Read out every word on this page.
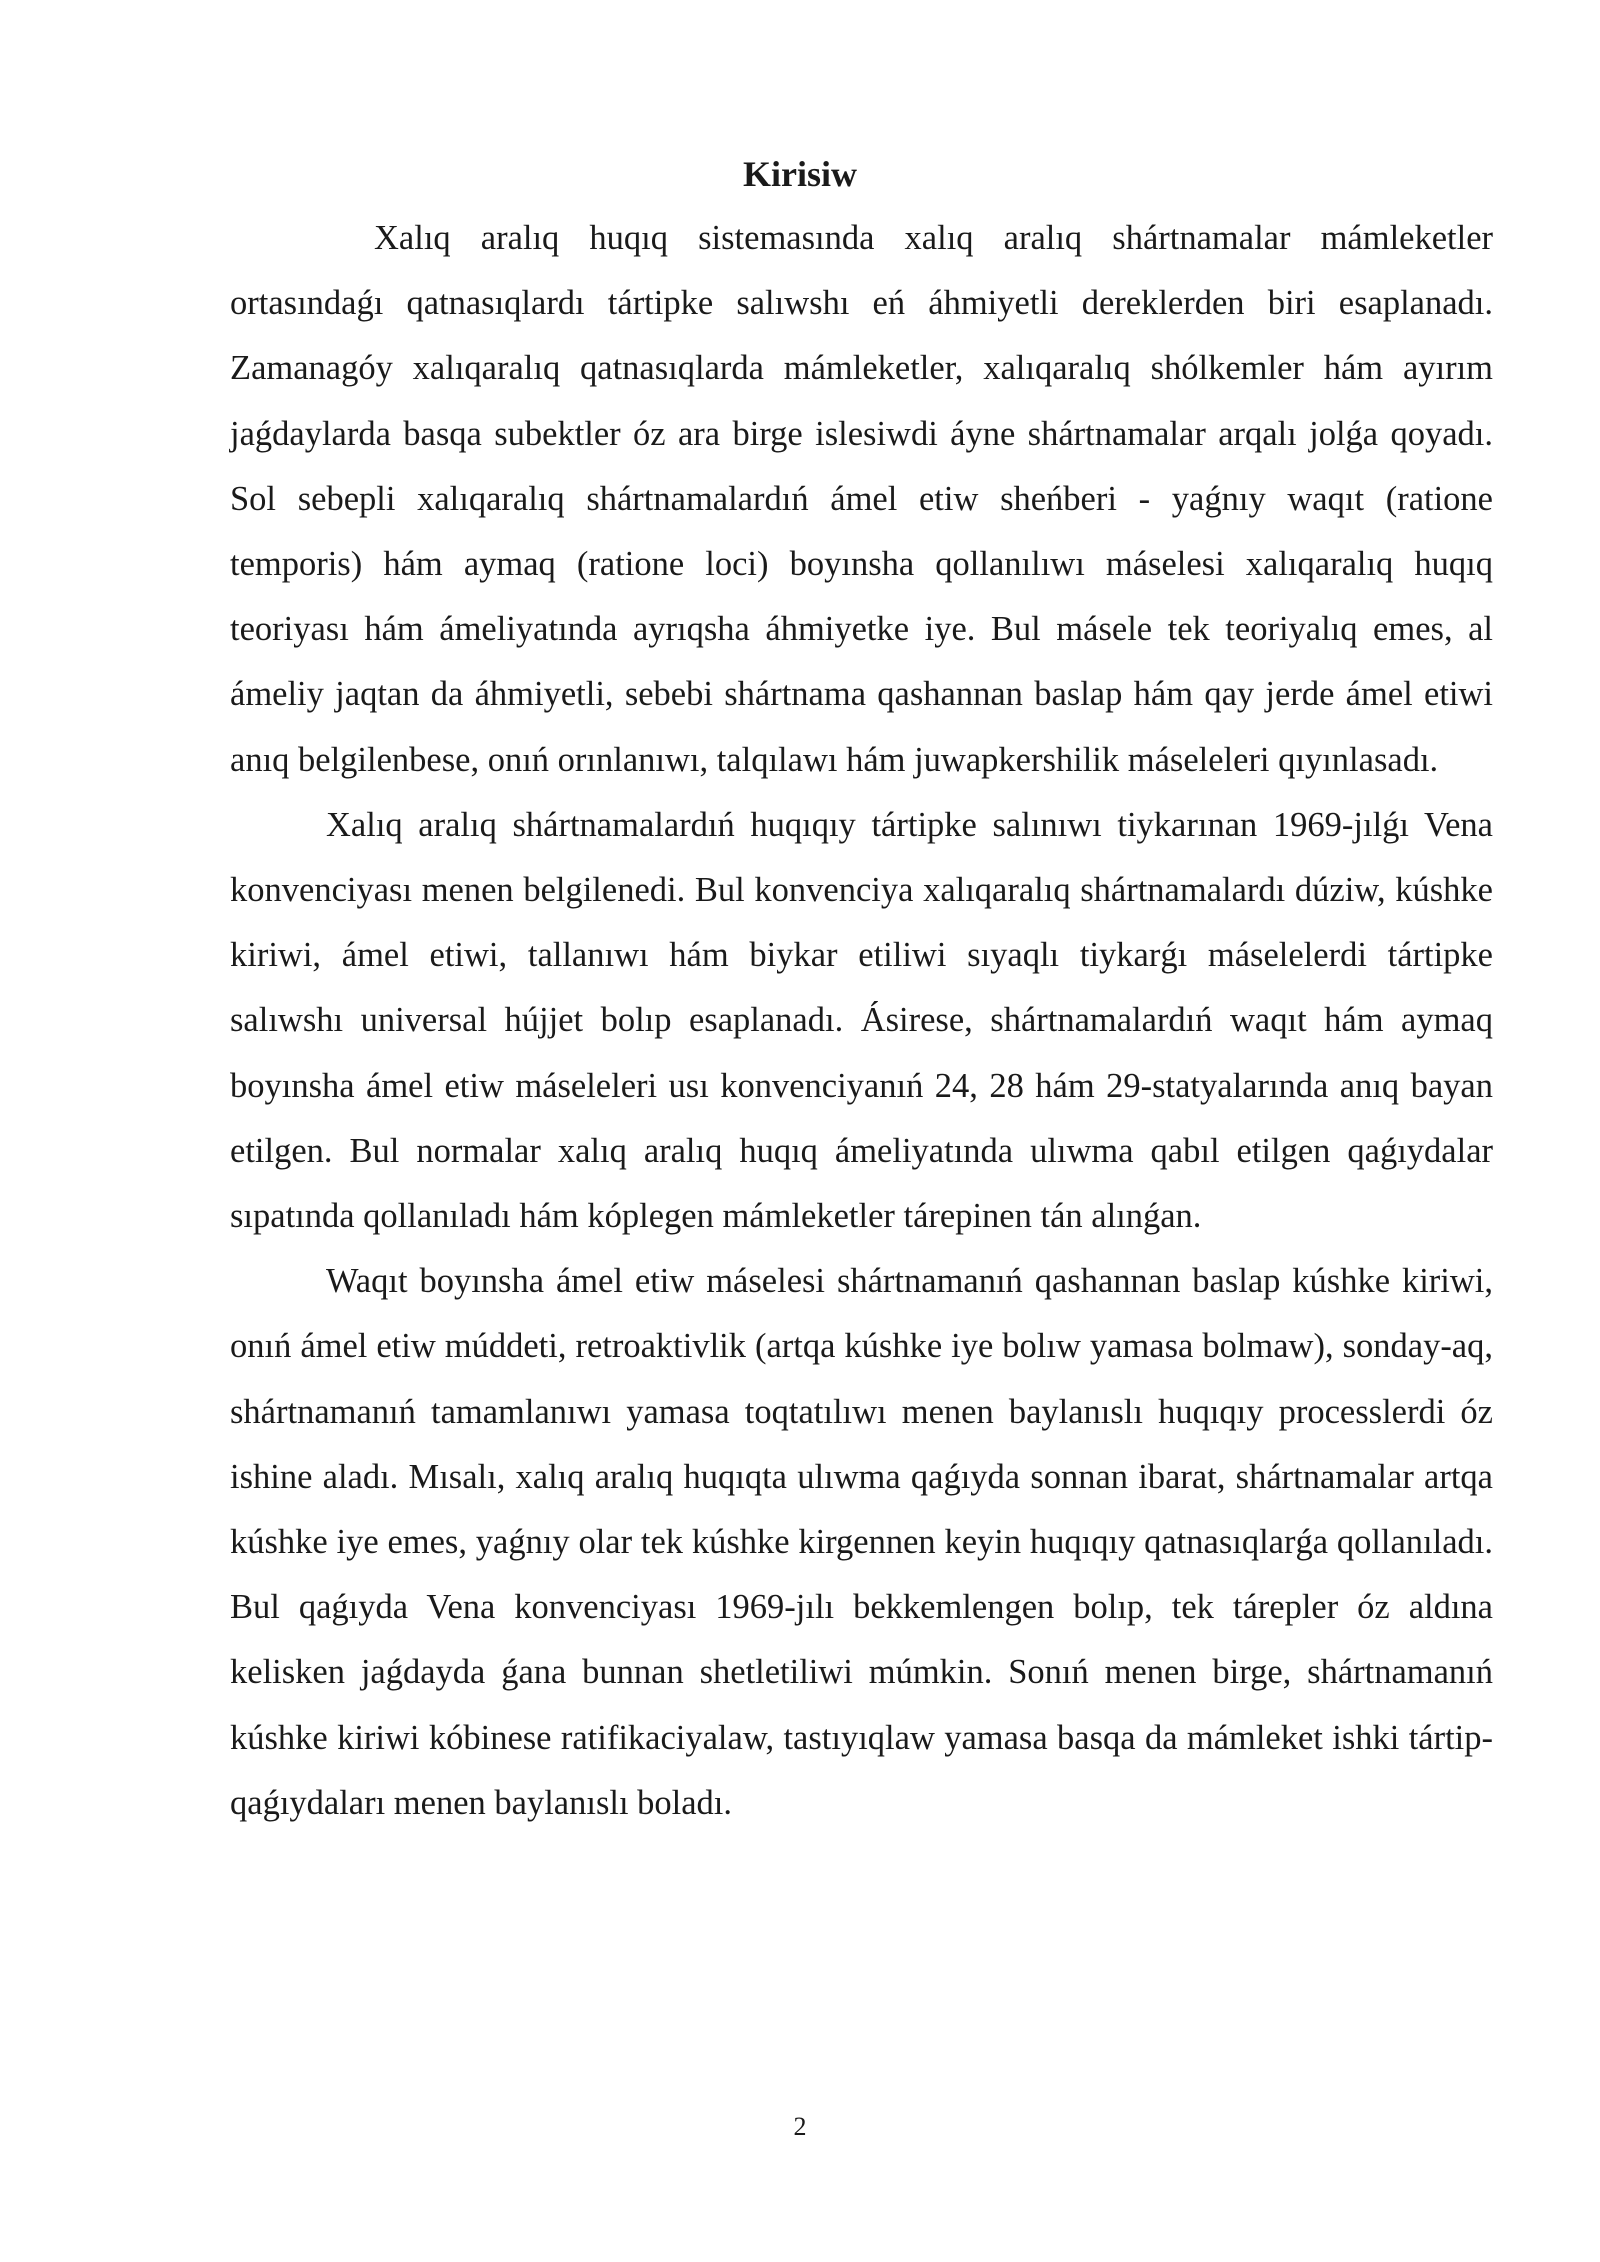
Kirisiw

Xalıq aralıq huqıq sistemasında xalıq aralıq shártnamalar mámleketler ortasındaǵı qatnasıqlardı tártipke salıwshı eń áhmiyetli dereklerden biri esaplanadı. Zamanagóy xalıqaralıq qatnasıqlarda mámleketler, xalıqaralıq shólkemler hám ayırım jaǵdaylarda basqa subektler óz ara birge islesiwdi áyne shártnamalar arqalı jolǵa qoyadı. Sol sebepli xalıqaralıq shártnamalardıń ámel etiw sheńberi - yaǵnıy waqıt (ratione temporis) hám aymaq (ratione loci) boyınsha qollanılıwı máselesi xalıqaralıq huqıq teoriyası hám ámeliyatında ayrıqsha áhmiyetke iye. Bul másele tek teoriyalıq emes, al ámeliy jaqtan da áhmiyetli, sebebi shártnama qashannan baslap hám qay jerde ámel etiwi anıq belgilenbese, onıń orınlanıwı, talqılawı hám juwapkershilik máseleleri qıyınlasadı.

Xalıq aralıq shártnamalardıń huqıqıy tártipke salınıwı tiykarınan 1969-jılǵı Vena konvenciyası menen belgilenedi. Bul konvenciya xalıqaralıq shártnamalardı dúziw, kúshke kiriwi, ámel etiwi, tallanıwı hám biykar etiliwi sıyaqlı tiykarǵı máselelerdi tártipke salıwshı universal hújjet bolıp esaplanadı. Ásirese, shártnamalardıń waqıt hám aymaq boyınsha ámel etiw máseleleri usı konvenciyanıń 24, 28 hám 29-statyalarında anıq bayan etilgen. Bul normalar xalıq aralıq huqıq ámeliyatında ulıwma qabıl etilgen qaǵıydalar sıpatında qollanıladı hám kóplegen mámleketler tárepinen tán alınǵan.

Waqıt boyınsha ámel etiw máselesi shártnamanıń qashannan baslap kúshke kiriwi, onıń ámel etiw múddeti, retroaktivlik (artqa kúshke iye bolıw yamasa bolmaw), sonday-aq, shártnamanıń tamamlanıwı yamasa toqtatılıwı menen baylanıslı huqıqıy processlerdi óz ishine aladı. Mısalı, xalıq aralıq huqıqta ulıwma qaǵıyda sonnan ibarat, shártnamalar artqa kúshke iye emes, yaǵnıy olar tek kúshke kirgennen keyin huqıqıy qatnasıqlarǵa qollanıladı. Bul qaǵıyda Vena konvenciyası 1969-jılı bekkemlengen bolıp, tek tárepler óz aldına kelisken jaǵdayda ǵana bunnan shetletiliwi múmkin. Sonıń menen birge, shártnamanıń kúshke kiriwi kóbinese ratifikaciyalaw, tastıyıqlaw yamasa basqa da mámleket ishki tártip-qaǵıydaları menen baylanıslı boladı.

2
